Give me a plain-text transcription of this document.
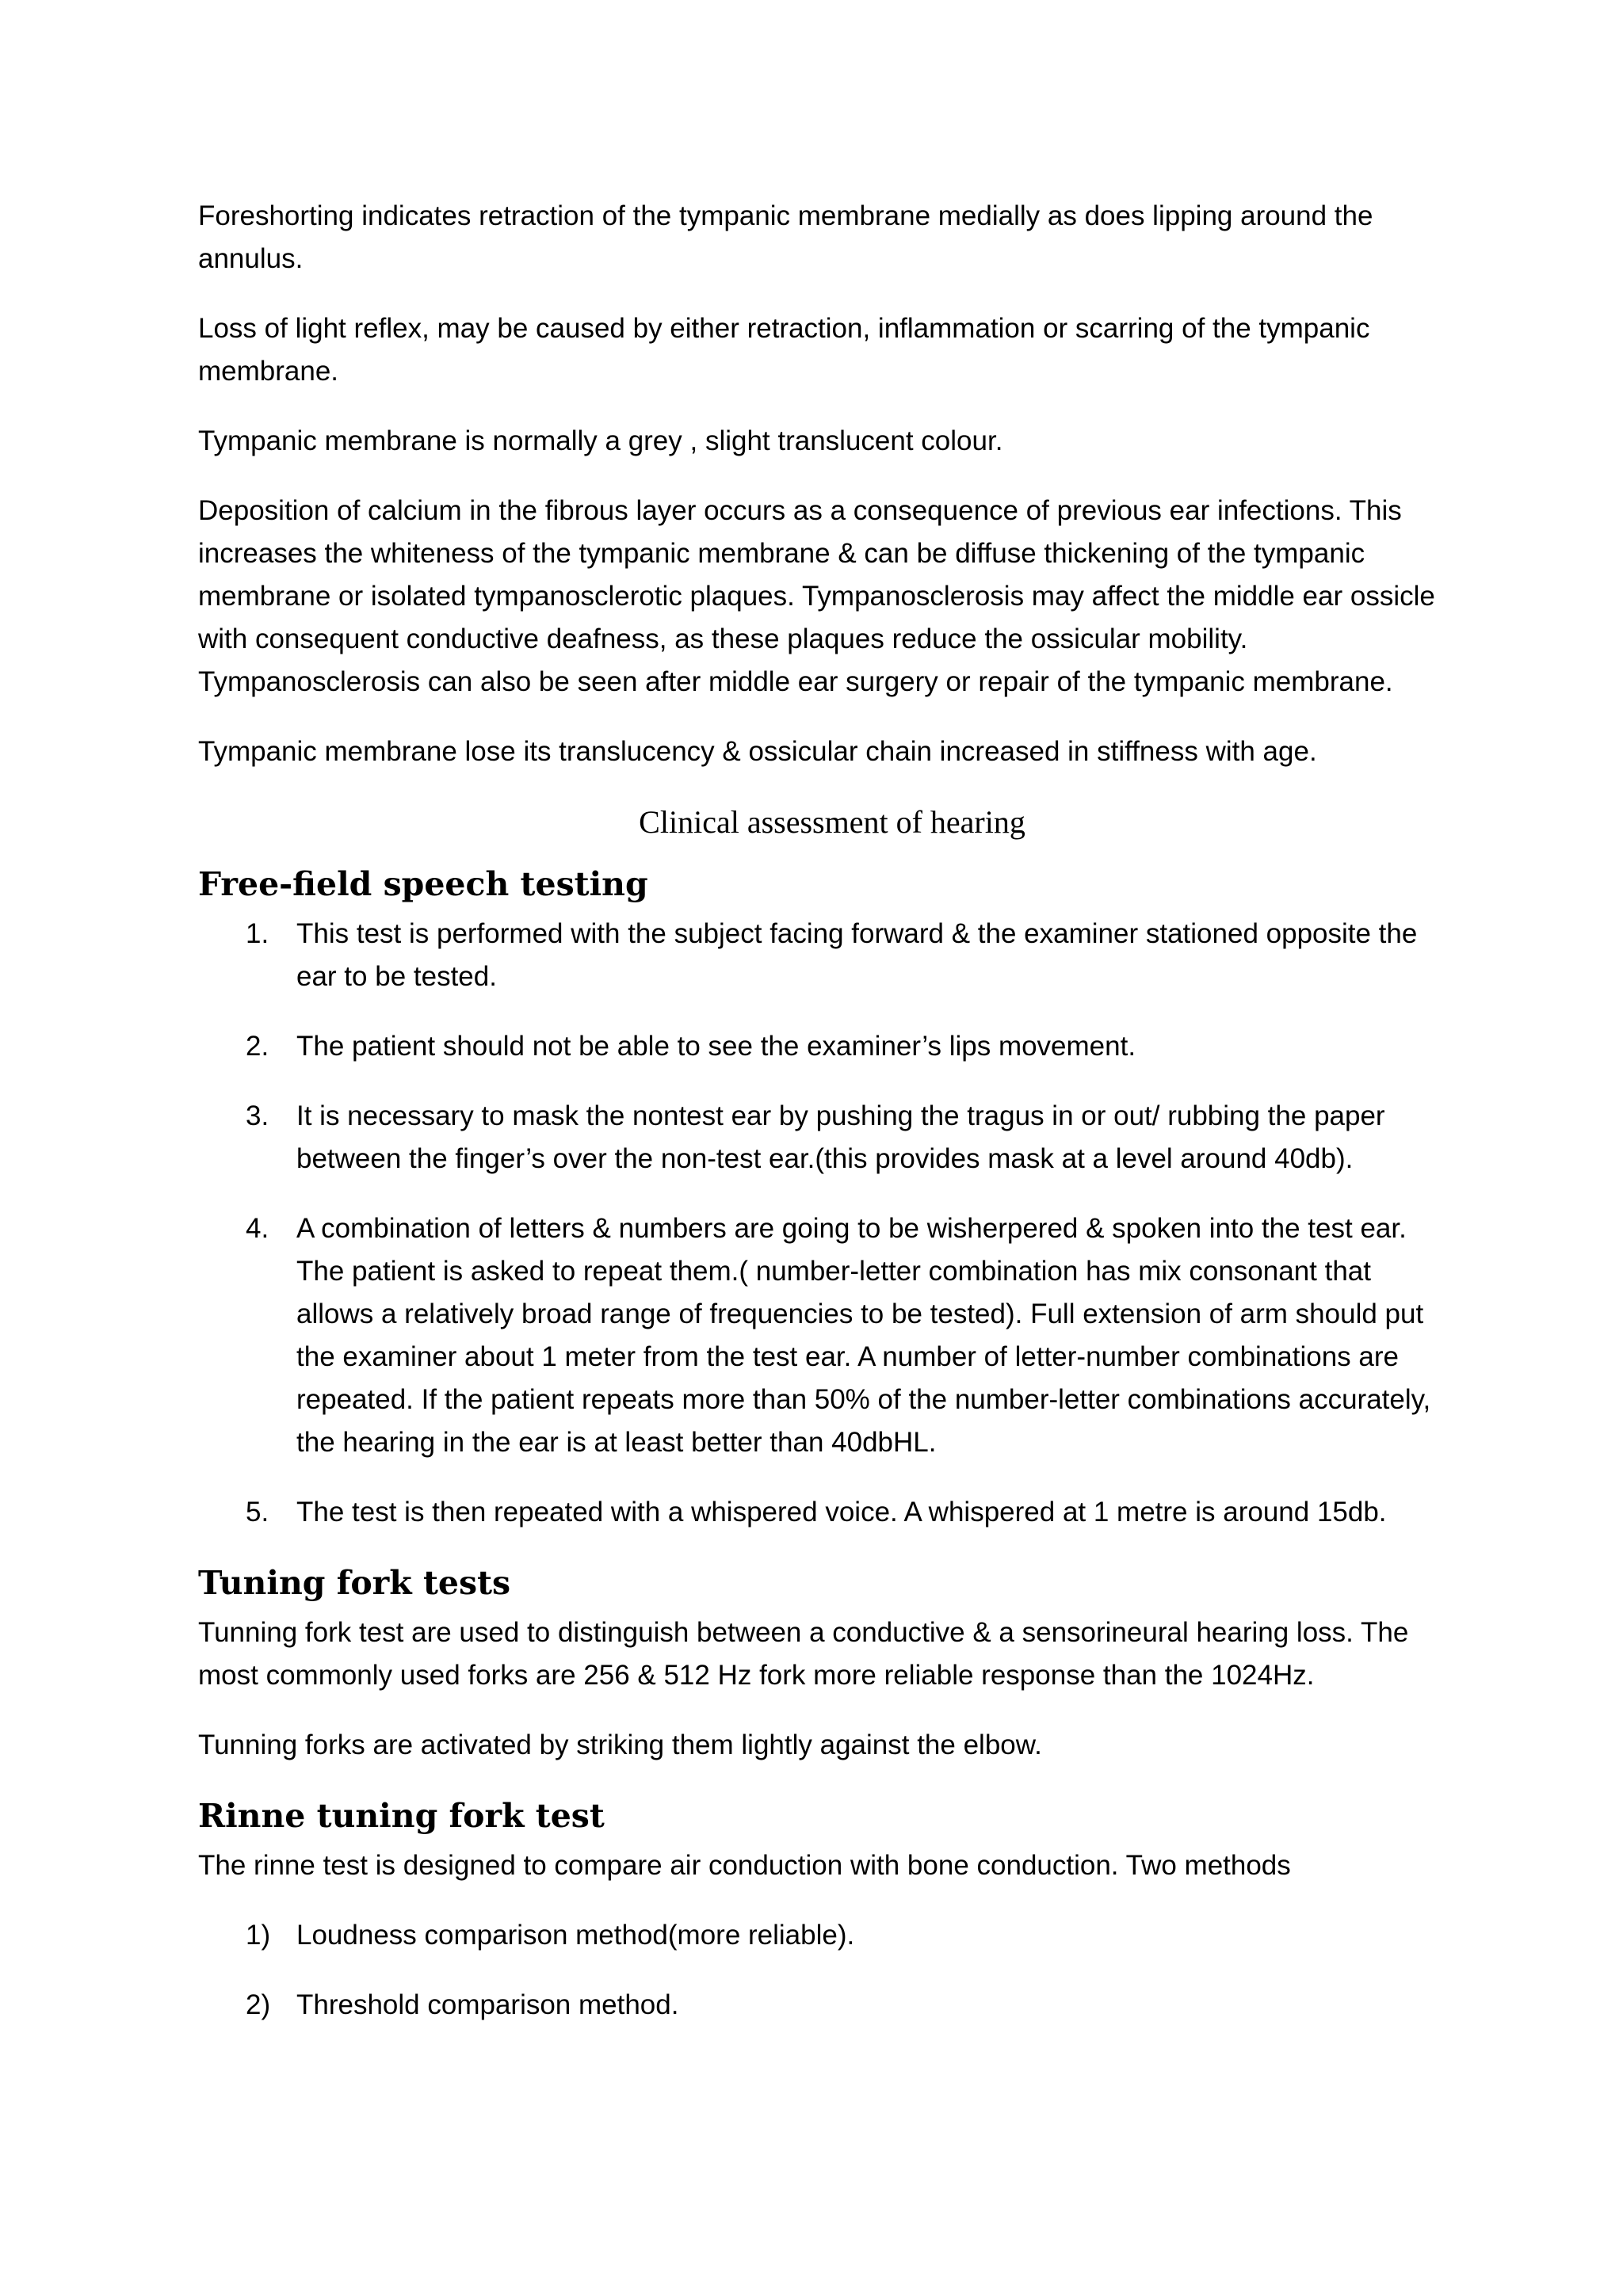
Foreshorting indicates retraction of the tympanic membrane medially as does lipping around the annulus.

Loss of light reflex, may be caused by either retraction, inflammation or scarring of the tympanic membrane.

Tympanic membrane is normally a grey , slight translucent colour.

Deposition of calcium in the fibrous layer occurs as a consequence of previous ear infections. This increases the whiteness of the tympanic membrane & can be diffuse thickening of the tympanic membrane or isolated tympanosclerotic plaques. Tympanosclerosis may affect the middle ear ossicle with consequent conductive deafness, as these plaques reduce the ossicular mobility. Tympanosclerosis can also be seen after middle ear surgery or repair of the tympanic membrane.

Tympanic membrane lose its translucency & ossicular chain increased in stiffness with age.

Clinical assessment of hearing
Free-field speech testing
1. This test is performed with the subject facing forward & the examiner stationed opposite the ear to be tested.
2. The patient should not be able to see the examiner’s lips movement.
3. It is necessary to mask the nontest ear by pushing the tragus in or out/ rubbing the paper between the finger’s over the non-test ear.(this provides mask at a level around 40db).
4. A combination of letters & numbers are going to be wisherpered & spoken into the test ear. The patient is asked to repeat them.( number-letter combination has mix consonant that allows a relatively broad range of frequencies to be tested). Full extension of arm should put the examiner about 1 meter from the test ear. A number of letter-number combinations are repeated. If the patient repeats more than 50% of the number-letter combinations accurately, the hearing in the ear is at least better than 40dbHL.
5. The test is then repeated with a whispered voice. A whispered at 1 metre is around 15db.
Tuning fork tests

Tunning fork test are used to distinguish between a conductive & a sensorineural hearing loss. The most commonly used forks are 256 & 512 Hz fork more reliable response than the 1024Hz.

Tunning forks are activated by striking them lightly against the elbow.

Rinne tuning fork test

The rinne test is designed to compare air conduction with bone conduction. Two methods

1) Loudness comparison method(more reliable).
2) Threshold comparison method.
